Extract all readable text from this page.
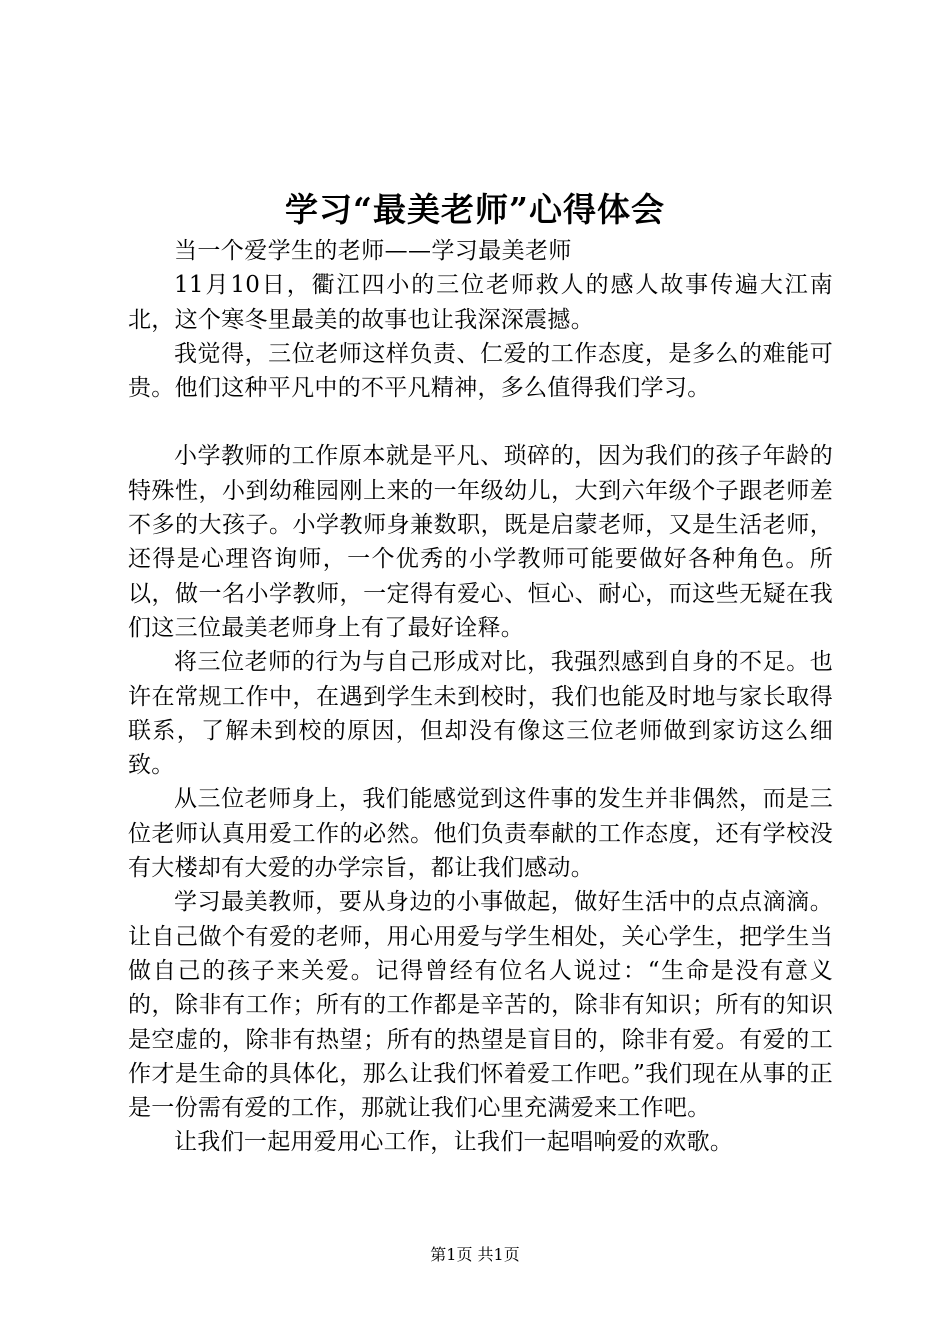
学习“最美老师”心得体会

当一个爱学生的老师——学习最美老师

11月10日，衢江四小的三位老师救人的感人故事传遍大江南北，这个寒冬里最美的故事也让我深深震撼。

我觉得，三位老师这样负责、仁爱的工作态度，是多么的难能可贵。他们这种平凡中的不平凡精神，多么值得我们学习。

小学教师的工作原本就是平凡、琐碎的，因为我们的孩子年龄的特殊性，小到幼稚园刚上来的一年级幼儿，大到六年级个子跟老师差不多的大孩子。小学教师身兼数职，既是启蒙老师，又是生活老师，还得是心理咨询师，一个优秀的小学教师可能要做好各种角色。所以，做一名小学教师，一定得有爱心、恒心、耐心，而这些无疑在我们这三位最美老师身上有了最好诠释。

将三位老师的行为与自己形成对比，我强烈感到自身的不足。也许在常规工作中，在遇到学生未到校时，我们也能及时地与家长取得联系，了解未到校的原因，但却没有像这三位老师做到家访这么细致。

从三位老师身上，我们能感觉到这件事的发生并非偶然，而是三位老师认真用爱工作的必然。他们负责奉献的工作态度，还有学校没有大楼却有大爱的办学宗旨，都让我们感动。

学习最美教师，要从身边的小事做起，做好生活中的点点滴滴。让自己做个有爱的老师，用心用爱与学生相处，关心学生，把学生当做自己的孩子来关爱。记得曾经有位名人说过：“生命是没有意义的，除非有工作；所有的工作都是辛苦的，除非有知识；所有的知识是空虚的，除非有热望；所有的热望是盲目的，除非有爱。有爱的工作才是生命的具体化，那么让我们怀着爱工作吧。”我们现在从事的正是一份需有爱的工作，那就让我们心里充满爱来工作吧。

让我们一起用爱用心工作，让我们一起唱响爱的欢歌。

第1页 共1页
